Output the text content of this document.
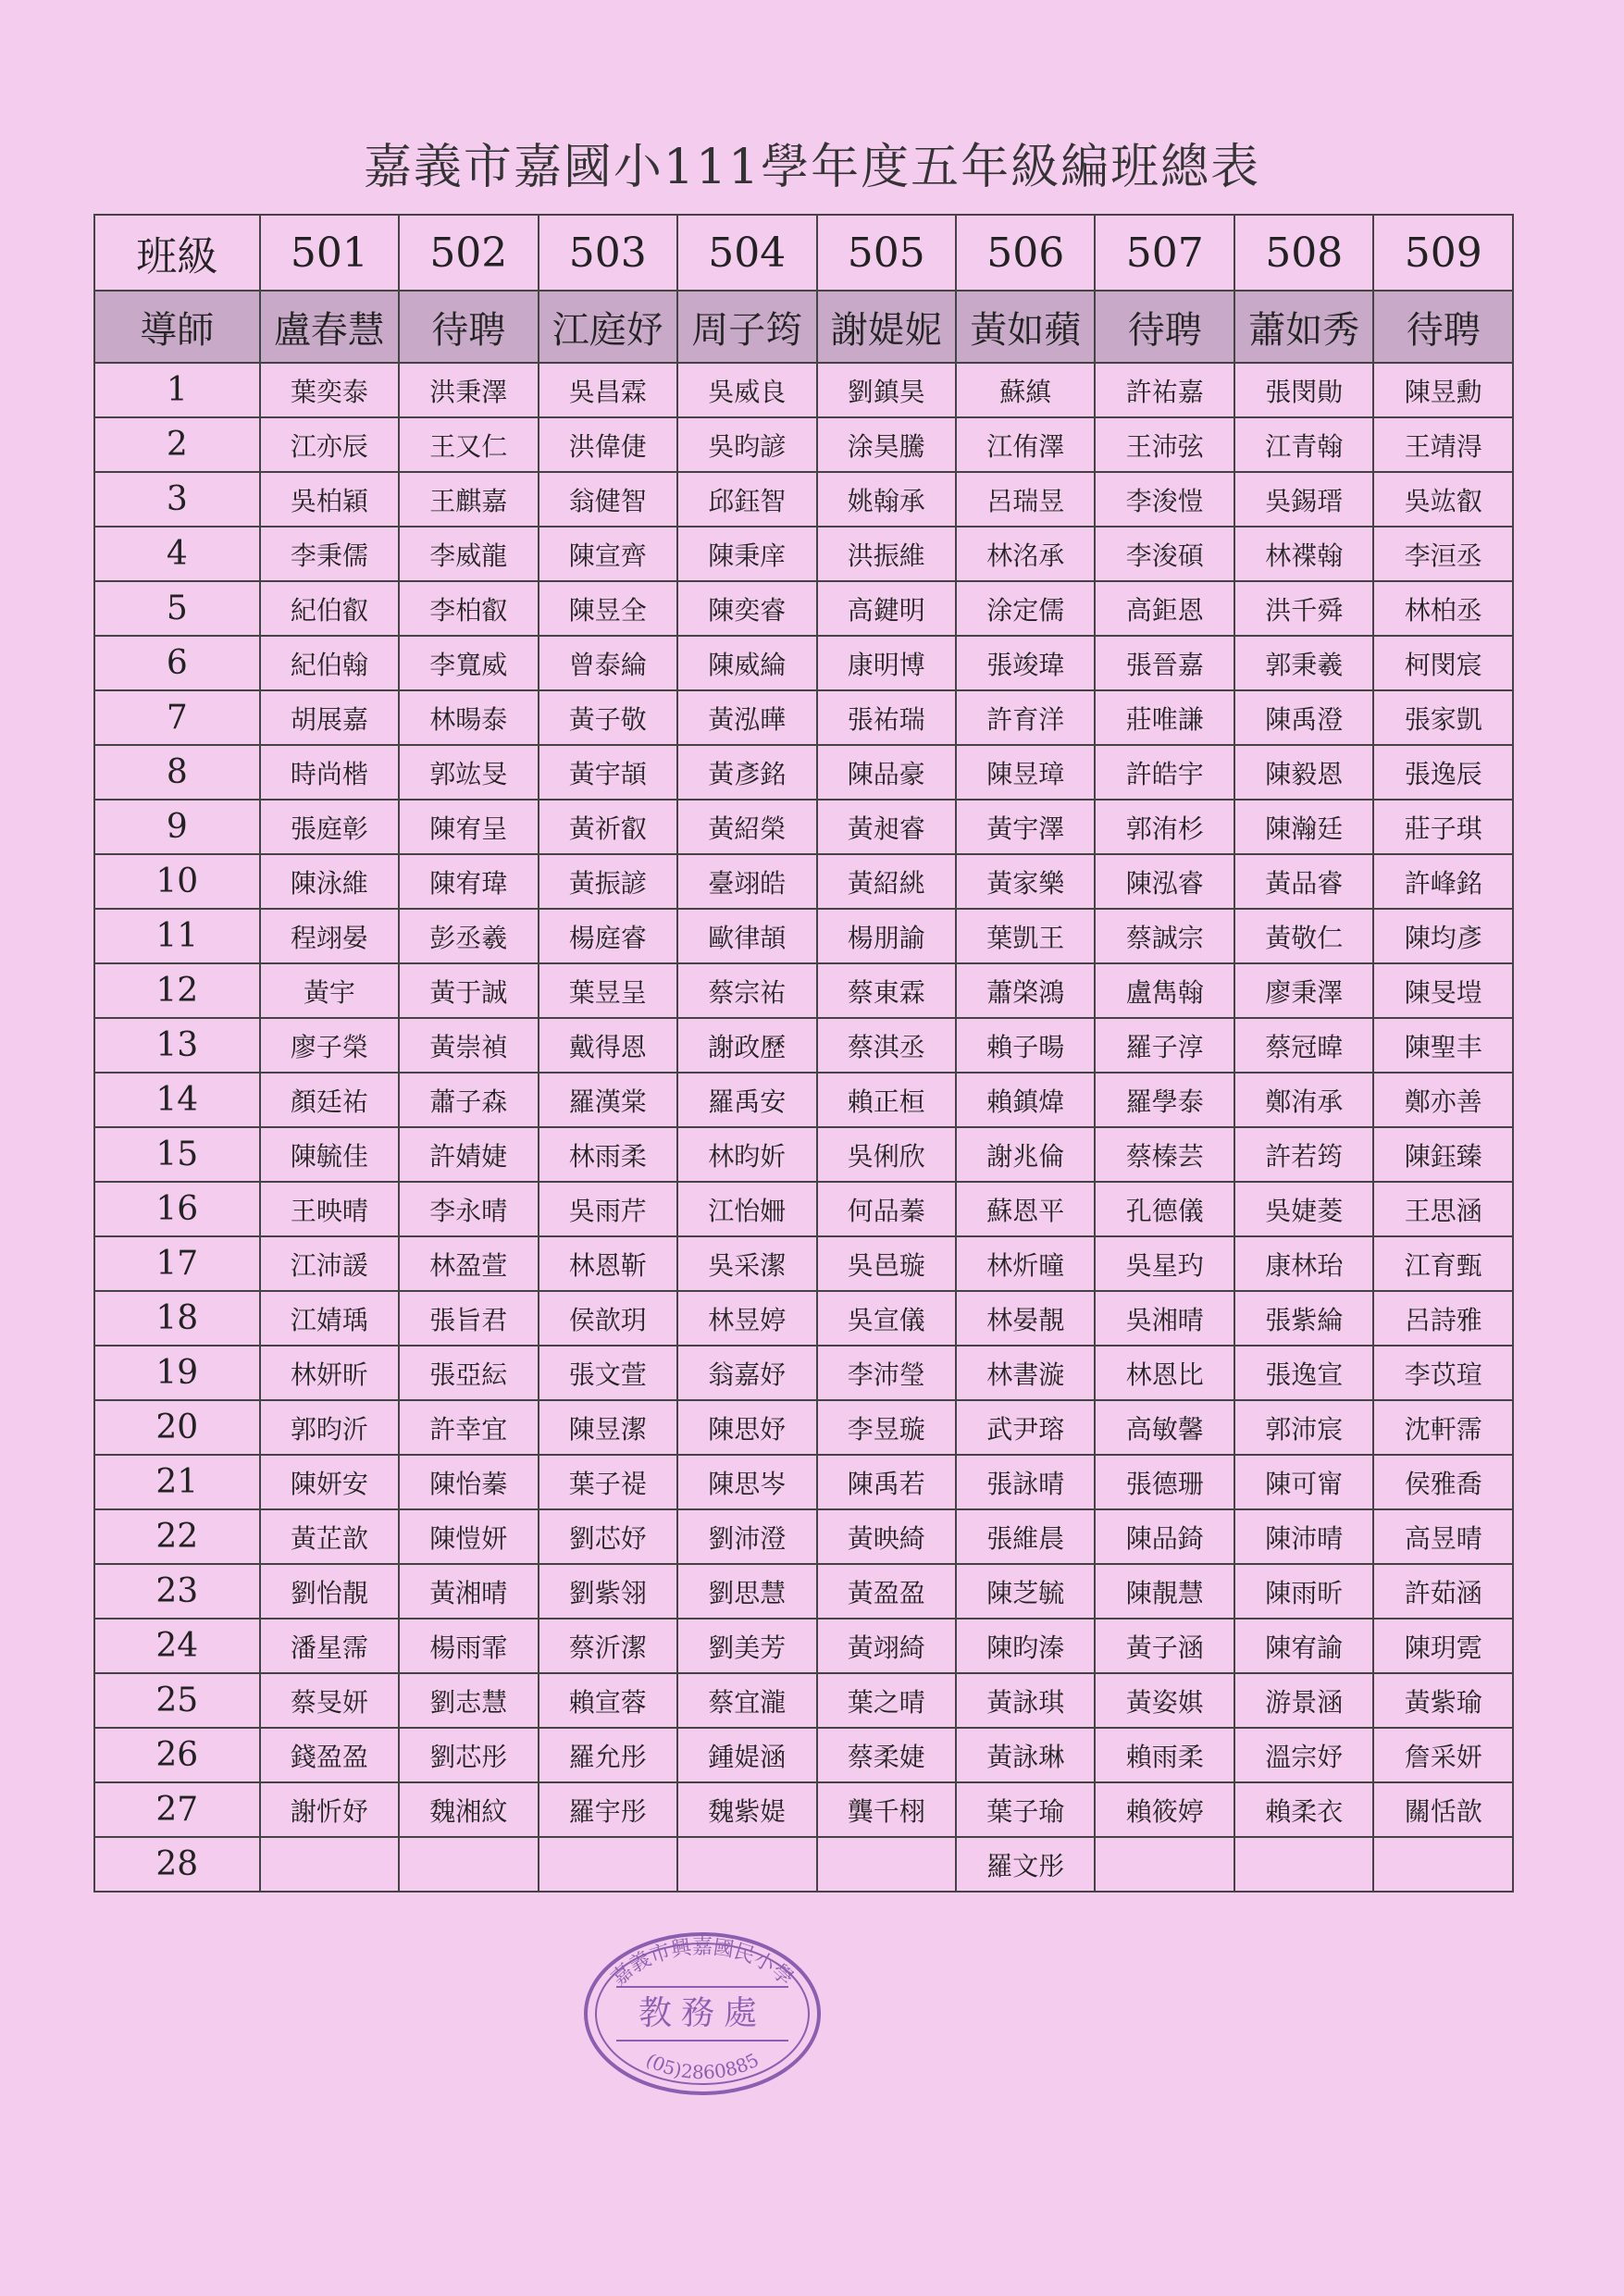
嘉義市嘉國小111學年度五年級編班總表
班級	501	502	503	504	505	506	507	508	509
導師	盧春慧	待聘	江庭妤	周子筠	謝媞妮	黃如蘋	待聘	蕭如秀	待聘
1	葉奕泰	洪秉澤	吳昌霖	吳威良	劉鎮昊	蘇縝	許祐嘉	張閔勛	陳昱勳
2	江亦辰	王又仁	洪偉倢	吳昀諺	涂昊騰	江侑澤	王沛弦	江青翰	王靖淂
3	吳柏穎	王麒嘉	翁健智	邱鈺智	姚翰承	呂瑞昱	李浚愷	吳錫瑨	吳竑叡
4	李秉儒	李威龍	陳宣齊	陳秉庠	洪振維	林洺承	李浚碩	林褋翰	李洹丞
5	紀伯叡	李柏叡	陳昱全	陳奕睿	高鍵明	涂定儒	高鉅恩	洪千舜	林柏丞
6	紀伯翰	李寬威	曾泰綸	陳威綸	康明博	張竣瑋	張晉嘉	郭秉羲	柯閔宸
7	胡展嘉	林暘泰	黃子敬	黃泓曄	張祐瑞	許育洋	莊唯謙	陳禹澄	張家凱
8	時尚楷	郭竑旻	黃宇頡	黃彥銘	陳品豪	陳昱璋	許皓宇	陳毅恩	張逸辰
9	張庭彰	陳宥呈	黃祈叡	黃紹榮	黃昶睿	黃宇澤	郭洧杉	陳瀚廷	莊子琪
10	陳泳維	陳宥瑋	黃振諺	臺翊皓	黃紹絩	黃家樂	陳泓睿	黃品睿	許峰銘
11	程翊晏	彭丞羲	楊庭睿	歐律頡	楊朋諭	葉凱王	蔡誠宗	黃敬仁	陳均彥
12	黃宇	黃于誠	葉昱呈	蔡宗祐	蔡東霖	蕭棨鴻	盧雋翰	廖秉澤	陳旻塏
13	廖子榮	黃崇禎	戴得恩	謝政歷	蔡淇丞	賴子暘	羅子淳	蔡冠暐	陳聖丰
14	顏廷祐	蕭子森	羅漢棠	羅禹安	賴正桓	賴鎮煒	羅學泰	鄭洧承	鄭亦善
15	陳毓佳	許婧婕	林雨柔	林昀妡	吳俐欣	謝兆倫	蔡榛芸	許若筠	陳鈺臻
16	王映晴	李永晴	吳雨芹	江怡姍	何品蓁	蘇恩平	孔德儀	吳婕菱	王思涵
17	江沛諼	林盈萱	林恩靳	吳采潔	吳邑璇	林炘曈	吳星玓	康林珆	江育甄
18	江婧瑀	張旨君	侯歆玥	林昱婷	吳宣儀	林晏靚	吳湘晴	張紫綸	呂詩雅
19	林妍昕	張亞紜	張文萱	翁嘉妤	李沛瑩	林書漩	林恩比	張逸宣	李苡瑄
20	郭昀沂	許幸宜	陳昱潔	陳思妤	李昱璇	武尹瑢	高敏馨	郭沛宸	沈軒霈
21	陳妍安	陳怡蓁	葉子禔	陳思岑	陳禹若	張詠晴	張德珊	陳可甯	侯雅喬
22	黃芷歆	陳愷妍	劉芯妤	劉沛澄	黃映綺	張維晨	陳品錡	陳沛晴	高昱晴
23	劉怡靚	黃湘晴	劉紫翎	劉思慧	黃盈盈	陳芝毓	陳靚慧	陳雨昕	許茹涵
24	潘星霈	楊雨霏	蔡沂潔	劉美芳	黃翊綺	陳昀溱	黃子涵	陳宥諭	陳玥霓
25	蔡旻妍	劉志慧	賴宣蓉	蔡宜瀧	葉之晴	黃詠琪	黃姿娸	游景涵	黃紫瑜
26	錢盈盈	劉芯彤	羅允彤	鍾媞涵	蔡柔婕	黃詠琳	賴雨柔	溫宗妤	詹采妍
27	謝忻妤	魏湘紋	羅宇彤	魏紫媞	龔千栩	葉子瑜	賴筱婷	賴柔衣	關恬歆
28						羅文彤			
嘉義市興嘉國民小學
教務處
(05)2860885
